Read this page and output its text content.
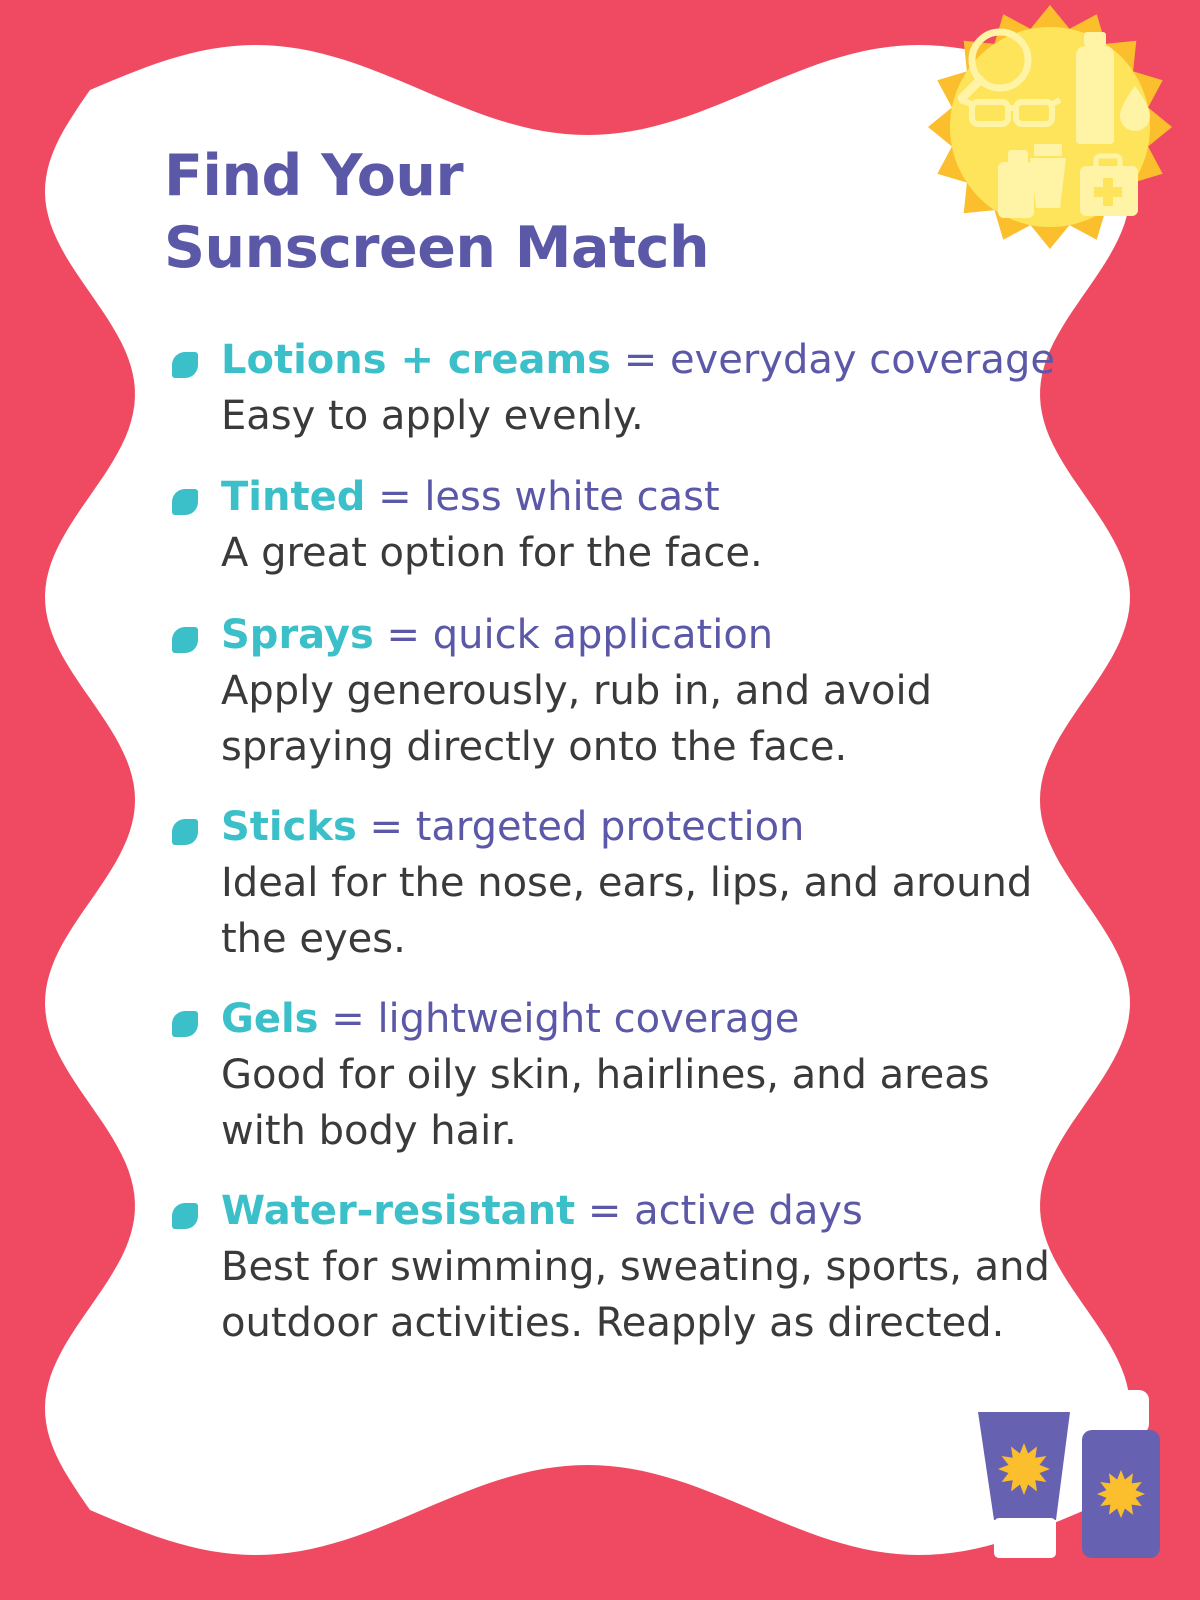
Find Your
Sunscreen Match

Lotions + creams = everyday coverage

Easy to apply evenly.

Tinted = less white cast

A great option for the face.

Sprays = quick application

Apply generously, rub in, and avoid
spraying directly onto the face.

Sticks = targeted protection

Ideal for the nose, ears, lips, and around
the eyes.

Gels = lightweight coverage

Good for oily skin, hairlines, and areas
with body hair.

Water-resistant = active days

Best for swimming, sweating, sports, and
outdoor activities. Reapply as directed.
